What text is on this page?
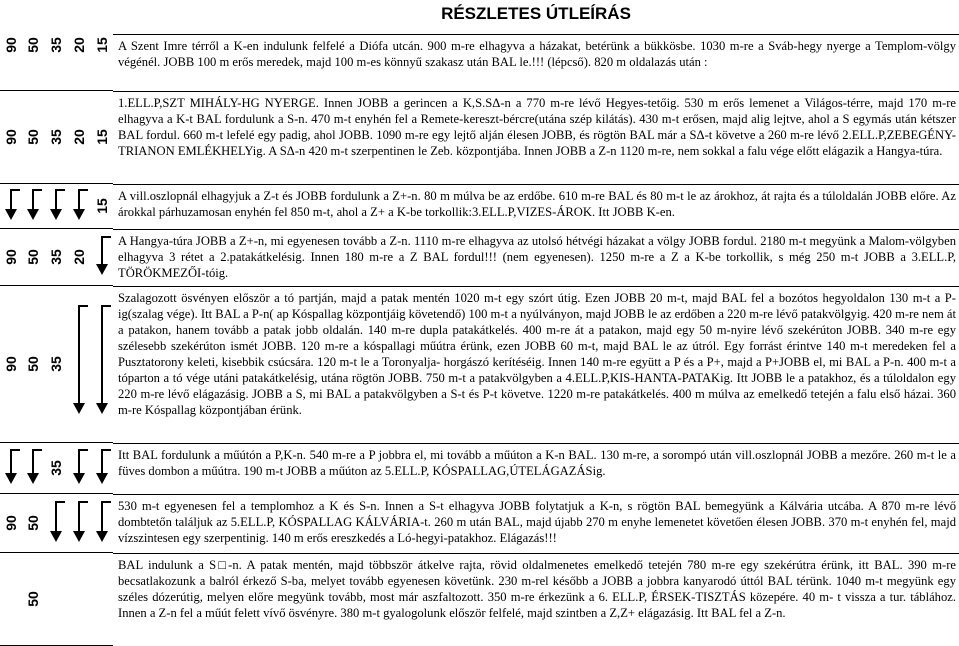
90 50 35 20 15
90 50 35 20 15
15
90 50 35 20
90 50 35
35
90 50
50
RÉSZLETES ÚTLEÍRÁS

A Szent Imre térről a K-en indulunk felfelé a Diófa utcán. 900 m-re elhagyva a házakat, betérünk a bükkösbe. 1030 m-re a Sváb-hegy nyerge a Templom-völgy végénél. JOBB 100 m erős meredek, majd 100 m-es könnyű szakasz után BAL le.!!! (lépcső). 820 m oldalazás után :

1.ELL.P,SZT MIHÁLY-HG NYERGE. Innen JOBB a gerincen a K,S.SΔ-n a 770 m-re lévő Hegyes-tetőig. 530 m erős lemenet a Világos-térre, majd 170 m-re elhagyva a K-t BAL fordulunk a S-n. 470 m-t enyhén fel a Remete-kereszt-bércre(utána szép kilátás). 430 m-t erősen, majd alig lejtve, ahol a S egymás után kétszer BAL fordul. 660 m-t lefelé egy padig, ahol JOBB. 1090 m-re egy lejtő alján élesen JOBB, és rögtön BAL már a SΔ-t követve a 260 m-re lévő 2.ELL.P,ZEBEGÉNY-TRIANON EMLÉKHELYig. A SΔ-n 420 m-t szerpentinen le Zeb. központjába. Innen JOBB a Z-n 1120 m-re, nem sokkal a falu vége előtt elágazik a Hangya-túra.

A vill.oszlopnál elhagyjuk a Z-t és JOBB fordulunk a Z+-n. 80 m múlva be az erdőbe. 610 m-re BAL és 80 m-t le az árokhoz, át rajta és a túloldalán JOBB előre. Az árokkal párhuzamosan enyhén fel 850 m-t, ahol a Z+ a K-be torkollik:3.ELL.P,VIZES-ÁROK. Itt JOBB K-en.

A Hangya-túra JOBB a Z+-n, mi egyenesen tovább a Z-n. 1110 m-re elhagyva az utolsó hétvégi házakat a völgy JOBB fordul. 2180 m-t megyünk a Malom-völgyben elhagyva 3 rétet a 2.patakátkelésig. Innen 180 m-re a Z BAL fordul!!! (nem egyenesen). 1250 m-re a Z a K-be torkollik, s még 250 m-t JOBB a 3.ELL.P, TÖRÖKMEZŐI-tóig.

Szalagozott ösvényen először a tó partján, majd a patak mentén 1020 m-t egy szórt útig. Ezen JOBB 20 m-t, majd BAL fel a bozótos hegyoldalon 130 m-t a P-ig(szalag vége). Itt BAL a P-n( ap Kóspallag központjáig követendő) 100 m-t a nyúlványon, majd JOBB le az erdőben a 220 m-re lévő patakvölgyig. 420 m-re nem át a patakon, hanem tovább a patak jobb oldalán. 140 m-re dupla patakátkelés. 400 m-re át a patakon, majd egy 50 m-nyire lévő szekérúton JOBB. 340 m-re egy szélesebb szekérúton ismét JOBB. 120 m-re a kóspallagi műútra érünk, ezen JOBB 60 m-t, majd BAL le az útról. Egy forrást érintve 140 m-t meredeken fel a Pusztatorony keleti, kisebbik csúcsára. 120 m-t le a Toronyalja- horgászó kerítéséig. Innen 140 m-re együtt a P és a P+, majd a P+JOBB el, mi BAL a P-n. 400 m-t a tóparton a tó vége utáni patakátkelésig, utána rögtön JOBB. 750 m-t a patakvölgyben a 4.ELL.P,KIS-HANTA-PATAKig. Itt JOBB le a patakhoz, és a túloldalon egy 220 m-re lévő elágazásig. JOBB a S, mi BAL a patakvölgyben a S-t és P-t követve. 1220 m-re patakátkelés. 400 m múlva az emelkedő tetején a falu első házai. 360 m-re Kóspallag központjában érünk.

Itt BAL fordulunk a műútón a P,K-n. 540 m-re a P jobbra el, mi tovább a műúton a K-n BAL. 130 m-re, a sorompó után vill.oszlopnál JOBB a mezőre. 260 m-t le a füves dombon a műútra. 190 m-t JOBB a műúton az 5.ELL.P, KÓSPALLAG,ÚTELÁGAZÁSig.

530 m-t egyenesen fel a templomhoz a K és S-n. Innen a S-t elhagyva JOBB folytatjuk a K-n, s rögtön BAL bemegyünk a Kálvária utcába. A 870 m-re lévő dombtetőn találjuk az 5.ELL.P, KÓSPALLAG KÁLVÁRIA-t. 260 m után BAL, majd újabb 270 m enyhe lemenetet követően élesen JOBB. 370 m-t enyhén fel, majd vízszintesen egy szerpentinig. 140 m erős ereszkedés a Ló-hegyi-patakhoz. Elágazás!!!

BAL indulunk a S□-n. A patak mentén, majd többször átkelve rajta, rövid oldalmenetes emelkedő tetején 780 m-re egy szekérútra érünk, itt BAL. 390 m-re becsatlakozunk a balról érkező S-ba, melyet tovább egyenesen követünk. 230 m-rel később a JOBB a jobbra kanyarodó úttól BAL térünk. 1040 m-t megyünk egy széles dózerútig, melyen előre megyünk tovább, most már aszfaltozott. 350 m-re érkezünk a 6. ELL.P, ÉRSEK-TISZTÁS közepére. 40 m- t vissza a tur. táblához. Innen a Z-n fel a műút felett vívő ösvényre. 380 m-t gyalogolunk először felfelé, majd szintben a Z,Z+ elágazásig. Itt BAL fel a Z-n.
